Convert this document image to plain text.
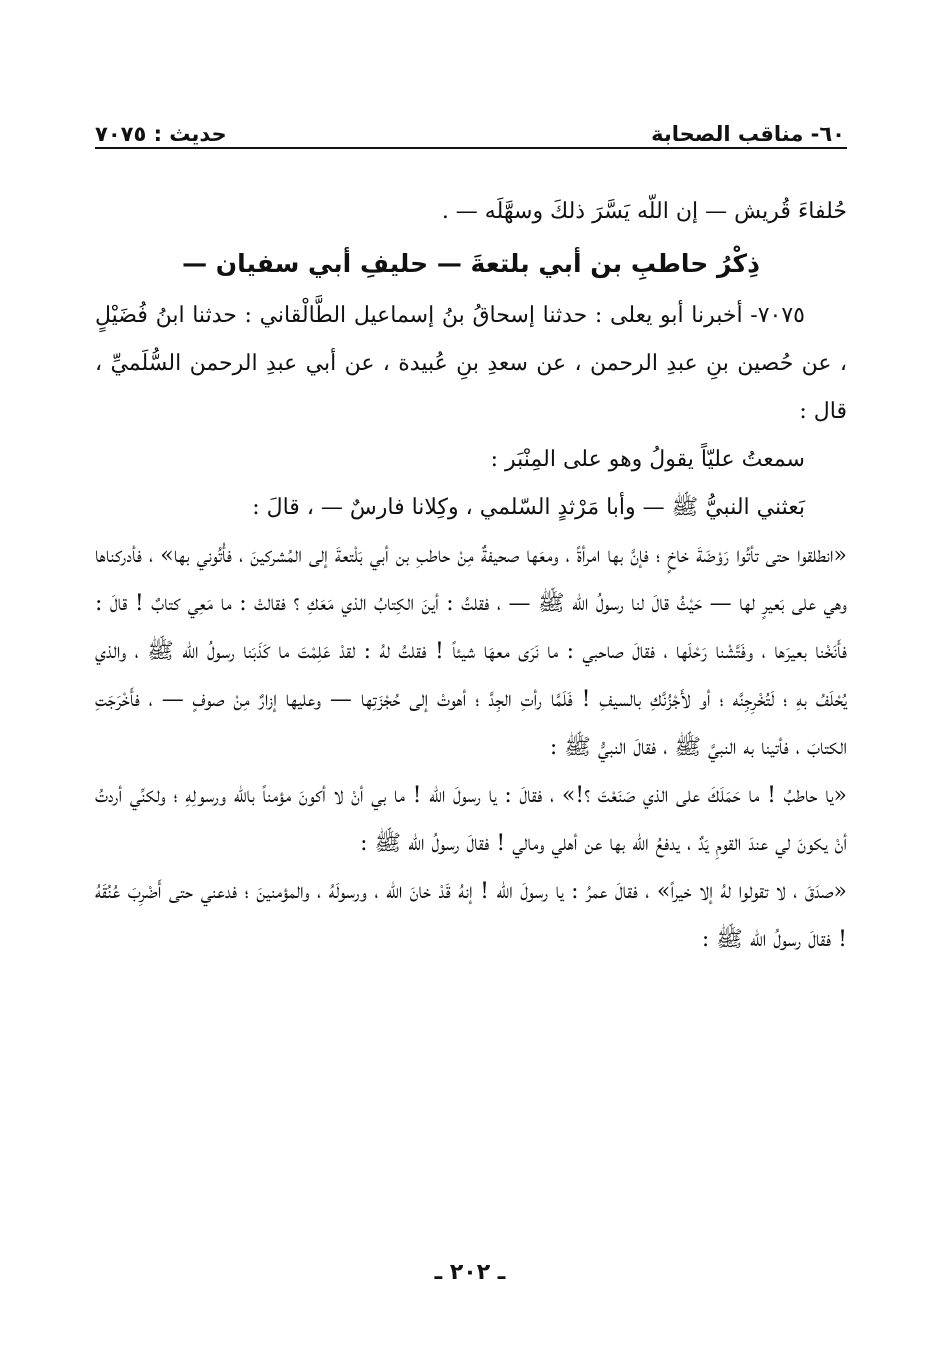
٦٠- مناقب الصحابة
حديث : ٧٠٧٥

حُلفاءَ قُريش — إن اللّه يَسَّرَ ذلكَ وسهَّلَه — .

ذِكْرُ حاطبِ بن أبي بلتعةَ — حليفِ أبي سفيان —

٧٠٧٥- أخبرنا أبو يعلى : حدثنا إسحاقُ بنُ إسماعيل الطَّالْقاني : حدثنا ابنُ فُضَيْلٍ ، عن حُصين بنِ عبدِ الرحمن ، عن سعدِ بنِ عُبيدة ، عن أبي عبدِ الرحمن السُّلَميِّ ، قال :

سمعتُ عليّاً يقولُ وهو على المِنْبَر :

بَعثني النبيُّ ﷺ — وأبا مَرْثدٍ السّلمي ، وكِلانا فارسٌ — ، قالَ :

«انطلقوا حتى تأتُوا رَوْضَةَ خاخٍ ؛ فإنَّ بها امرأةً ، ومعَها صحيفةٌ مِنْ حاطبِ بن أبي بَلْتعةَ إلى المُشركينَ ، فأْتُوني بها» ، فأدركناها وهي على بَعيرٍ لها — حَيْثُ قالَ لنا رسولُ اللّه ﷺ — ، فقلتُ : أينَ الكِتابُ الذي مَعَكِ ؟ فقالتْ : ما مَعِي كتابٌ ! قالَ : فأَنَخْنا بعيرَها ، وفَتَّشْنا رَحْلَها ، فقالَ صاحبي : ما نَرَى معهَا شيئاً ! فقلتُ لهُ : لقدْ عَلِمْتَ ما كَذَبَنا رسولُ اللّه ﷺ ، والذي يُحْلَفُ بهِ ؛ لَتُخْرِجِنَّه ؛ أو لأَجْزُنَّكِ بالسيفِ ! فَلَمَّا رأتِ الجِدَّ ؛ أهوتْ إلى حُجْزَتِها — وعليها إزارٌ مِنْ صوفٍ — ، فأَخْرَجَتِ الكتابَ ، فأتينا به النبيَّ ﷺ ، فقالَ النبيُّ ﷺ :

«يا حاطبُ ! ما حَمَلَكَ على الذي صَنَعْتَ ؟!» ، فقالَ : يا رسولَ اللّه ! ما بي أنْ لا أكونَ مؤمناً باللّه ورسولِهِ ؛ ولكنِّي أردتُ أنْ يكونَ لي عندَ القومِ يَدٌ ، يدفعُ اللّه بها عن أهلي ومالي ! فقالَ رسولُ اللّه ﷺ :

«صدَقَ ، لا تقولوا لهُ إلا خيراً» ، فقالَ عمرُ : يا رسولَ اللّه ! إنهُ قَدْ خانَ اللّه ، ورسولَهُ ، والمؤمنينَ ؛ فدعني حتى أَضْرِبَ عُنُقَهُ ! فقالَ رسولُ اللّه ﷺ :

ـ ٢٠٢ ـ
